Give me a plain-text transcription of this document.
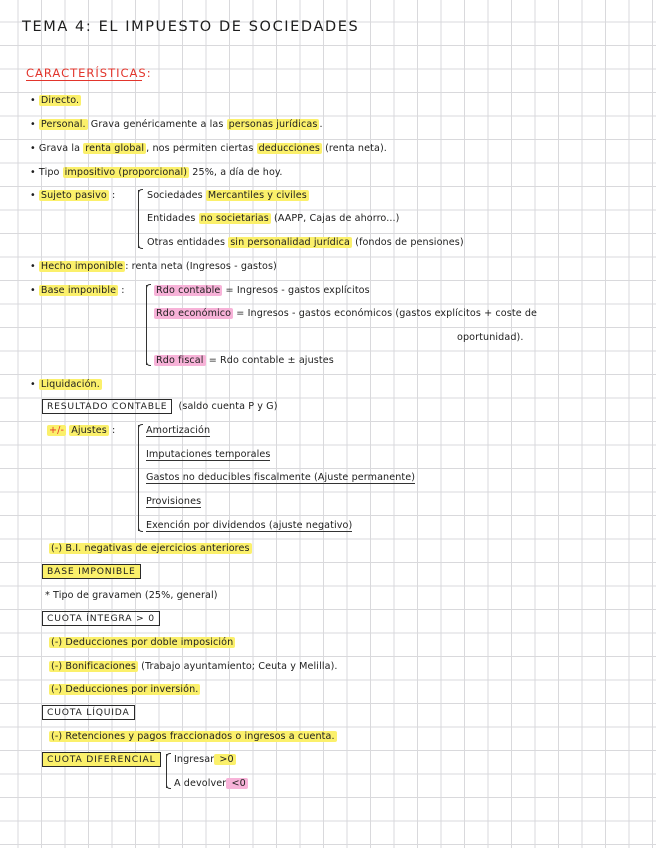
TEMA 4: EL IMPUESTO DE SOCIEDADES
CARACTERÍSTICAS:
• Directo.
• Personal. Grava genéricamente a las personas jurídicas .
• Grava la renta global , nos permiten ciertas deducciones (renta neta).
• Tipo impositivo (proporcional) 25%, a día de hoy.
• Sujeto pasivo :	Sociedades Mercantiles y civiles
Entidades no societarias (AAPP, Cajas de ahorro...)
Otras entidades sin personalidad jurídica (fondos de pensiones)
• Hecho imponible : renta neta (Ingresos - gastos)
• Base imponible :	Rdo contable = Ingresos - gastos explícitos
Rdo económico = Ingresos - gastos económicos (gastos explícitos + coste de
oportunidad).
Rdo fiscal = Rdo contable ± ajustes
• Liquidación.
RESULTADO CONTABLE (saldo cuenta P y G)
+/- Ajustes :	Amortización
Imputaciones temporales
Gastos no deducibles fiscalmente (Ajuste permanente)
Provisiones
Exención por dividendos (ajuste negativo)
(-) B.I. negativas de ejercicios anteriores
BASE IMPONIBLE
* Tipo de gravamen (25%, general)
CUOTA ÍNTEGRA > 0
(-) Deducciones por doble imposición
(-) Bonificaciones (Trabajo ayuntamiento; Ceuta y Melilla).
(-) Deducciones por inversión.
CUOTA LÍQUIDA
(-) Retenciones y pagos fraccionados o ingresos a cuenta.
CUOTA DIFERENCIAL	Ingresar >0
A devolver <0
